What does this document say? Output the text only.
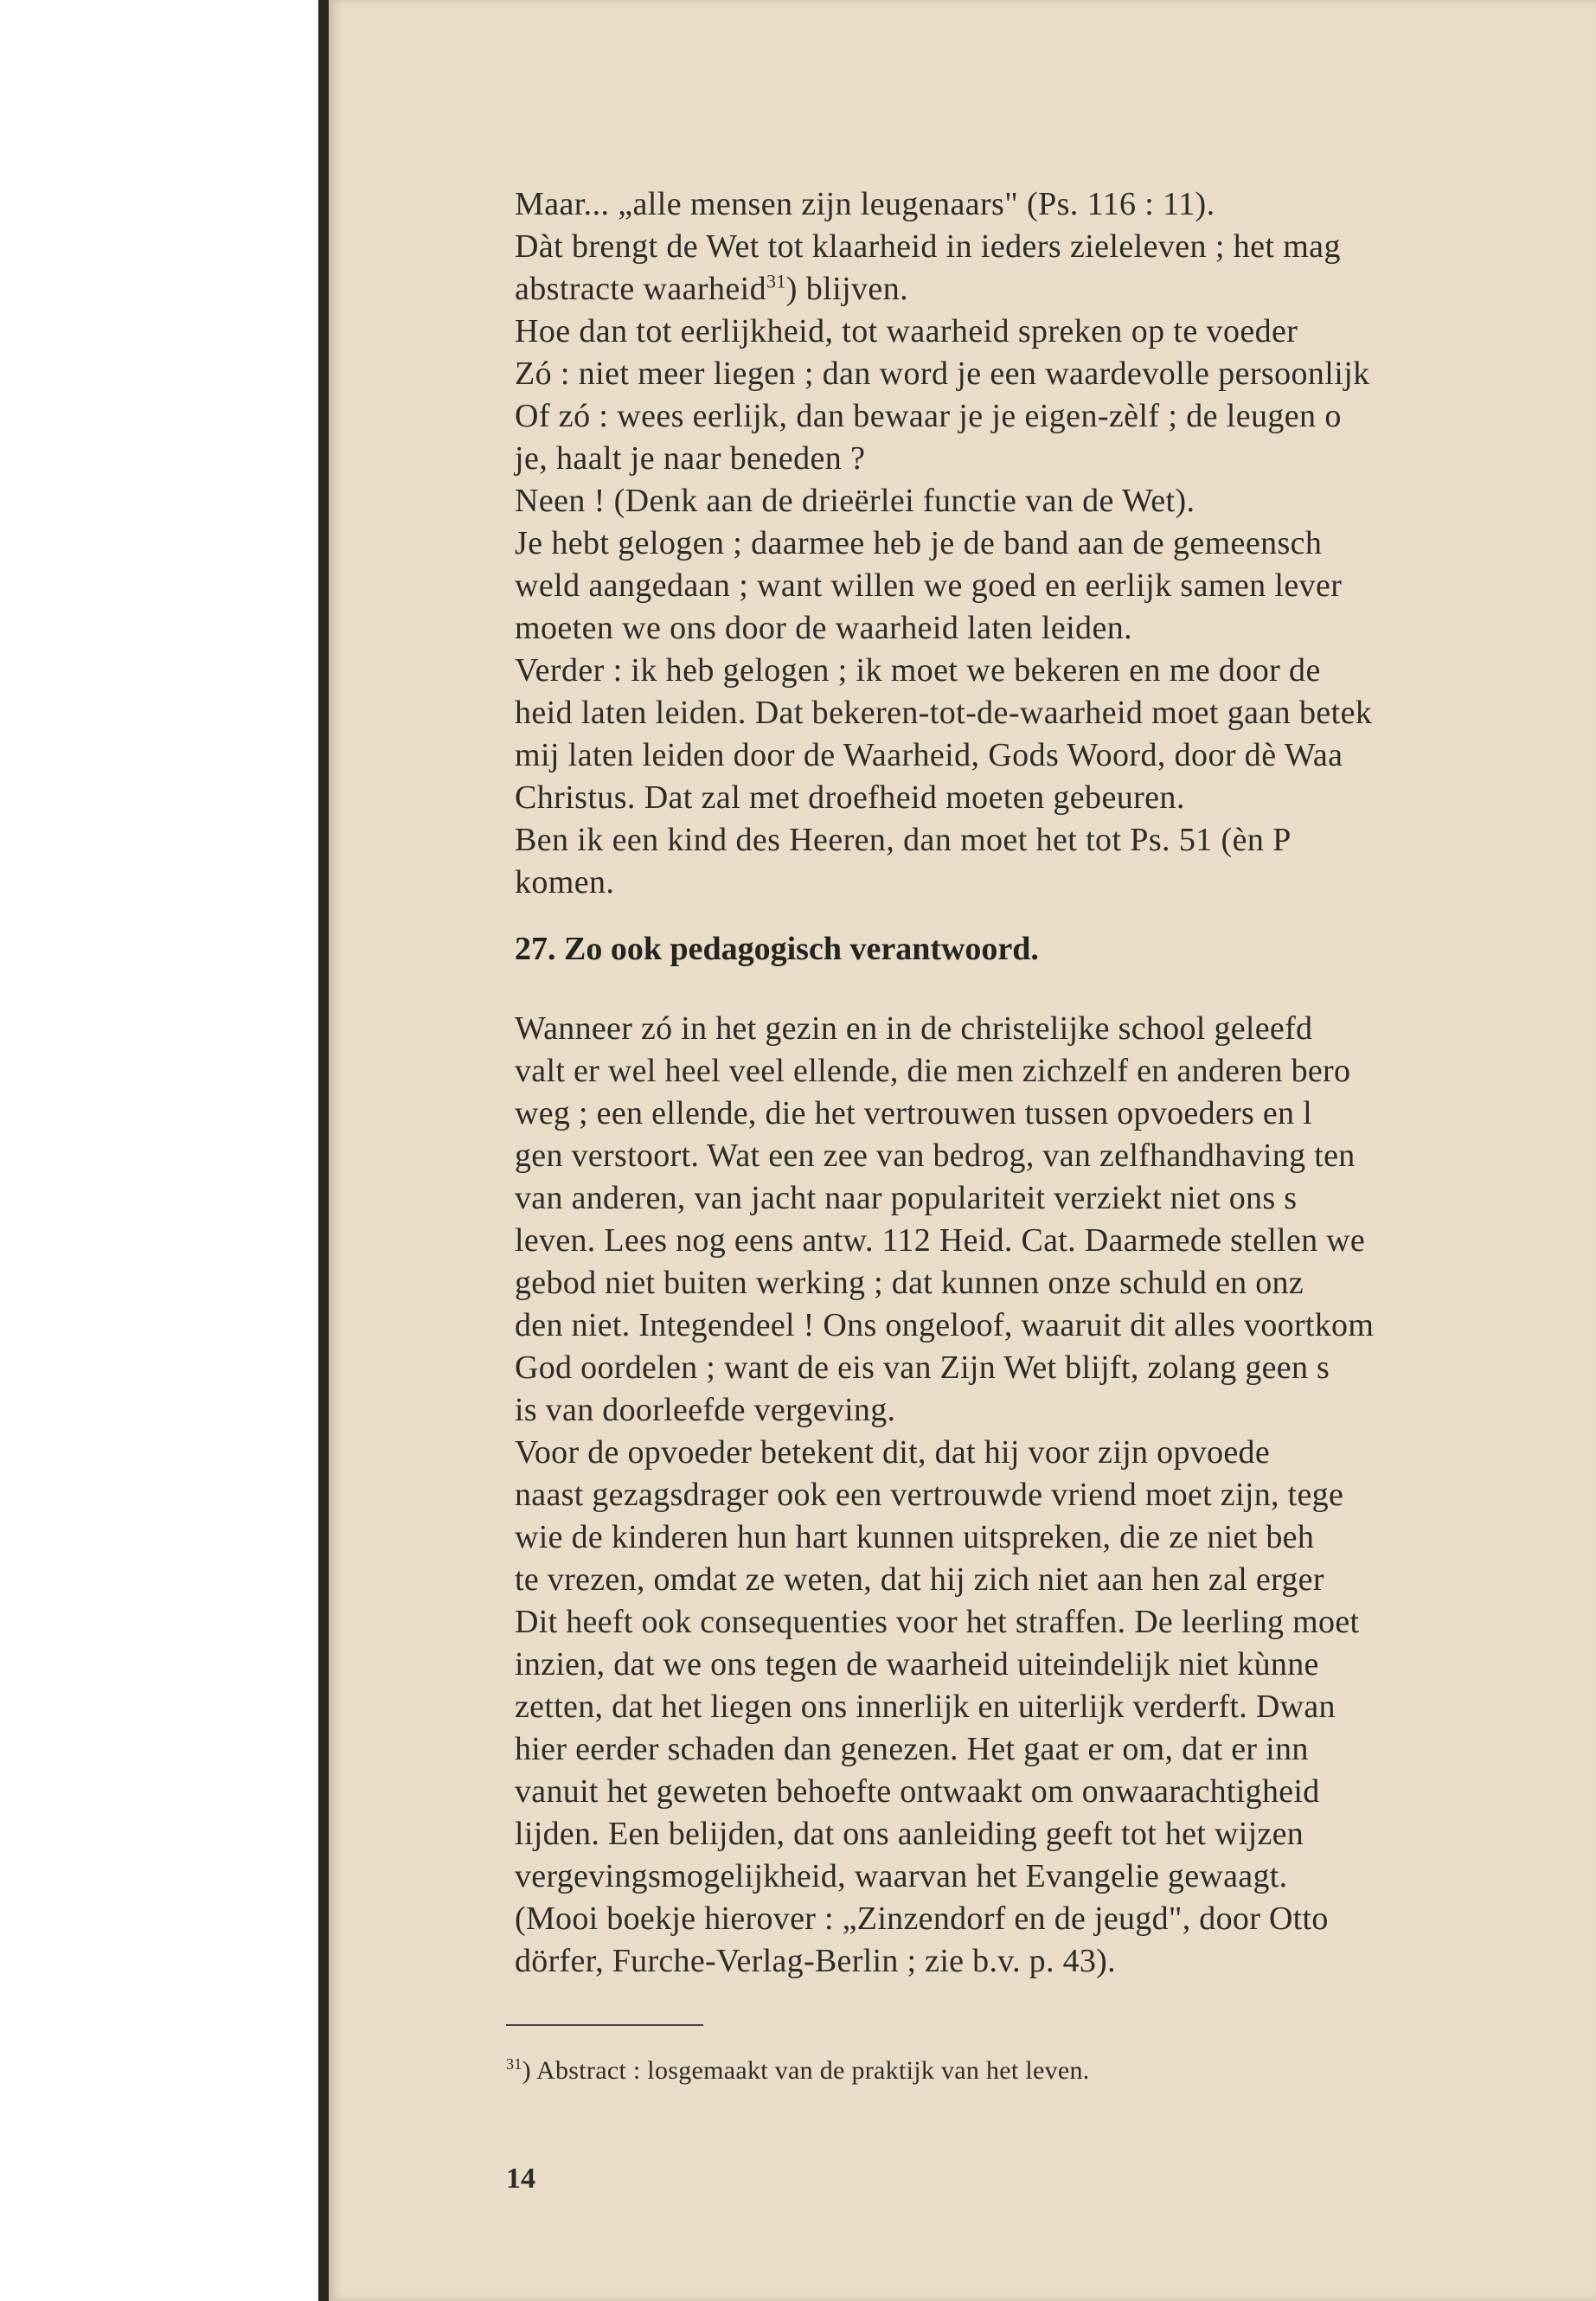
Maar... „alle mensen zijn leugenaars" (Ps. 116 : 11).
Dàt brengt de Wet tot klaarheid in ieders zieleleven ; het mag
abstracte waarheid$^{31}$) blijven.
Hoe dan tot eerlijkheid, tot waarheid spreken op te voeder
Zó : niet meer liegen ; dan word je een waardevolle persoonlijk
Of zó : wees eerlijk, dan bewaar je je eigen-zèlf ; de leugen o
je, haalt je naar beneden ?
Neen ! (Denk aan de drieërlei functie van de Wet).
Je hebt gelogen ; daarmee heb je de band aan de gemeensch
weld aangedaan ; want willen we goed en eerlijk samen lever
moeten we ons door de waarheid laten leiden.
Verder : ik heb gelogen ; ik moet we bekeren en me door de
heid laten leiden. Dat bekeren-tot-de-waarheid moet gaan betek
mij laten leiden door de Waarheid, Gods Woord, door dè Waa
Christus. Dat zal met droefheid moeten gebeuren.
Ben ik een kind des Heeren, dan moet het tot Ps. 51 (èn P
komen.
27. Zo ook pedagogisch verantwoord.
Wanneer zó in het gezin en in de christelijke school geleefd
valt er wel heel veel ellende, die men zichzelf en anderen bero
weg ; een ellende, die het vertrouwen tussen opvoeders en l
gen verstoort. Wat een zee van bedrog, van zelfhandhaving ten
van anderen, van jacht naar populariteit verziekt niet ons s
leven. Lees nog eens antw. 112 Heid. Cat. Daarmede stellen we
gebod niet buiten werking ; dat kunnen onze schuld en onz
den niet. Integendeel ! Ons ongeloof, waaruit dit alles voortkom
God oordelen ; want de eis van Zijn Wet blijft, zolang geen s
is van doorleefde vergeving.
Voor de opvoeder betekent dit, dat hij voor zijn opvoede
naast gezagsdrager ook een vertrouwde vriend moet zijn, tege
wie de kinderen hun hart kunnen uitspreken, die ze niet beh
te vrezen, omdat ze weten, dat hij zich niet aan hen zal erger
Dit heeft ook consequenties voor het straffen. De leerling moet
inzien, dat we ons tegen de waarheid uiteindelijk niet kùnne
zetten, dat het liegen ons innerlijk en uiterlijk verderft. Dwan
hier eerder schaden dan genezen. Het gaat er om, dat er inn
vanuit het geweten behoefte ontwaakt om onwaarachtigheid
lijden. Een belijden, dat ons aanleiding geeft tot het wijzen
vergevingsmogelijkheid, waarvan het Evangelie gewaagt.
(Mooi boekje hierover : „Zinzendorf en de jeugd", door Otto
dörfer, Furche-Verlag-Berlin ; zie b.v. p. 43).
$^{31}$) Abstract : losgemaakt van de praktijk van het leven.
14
